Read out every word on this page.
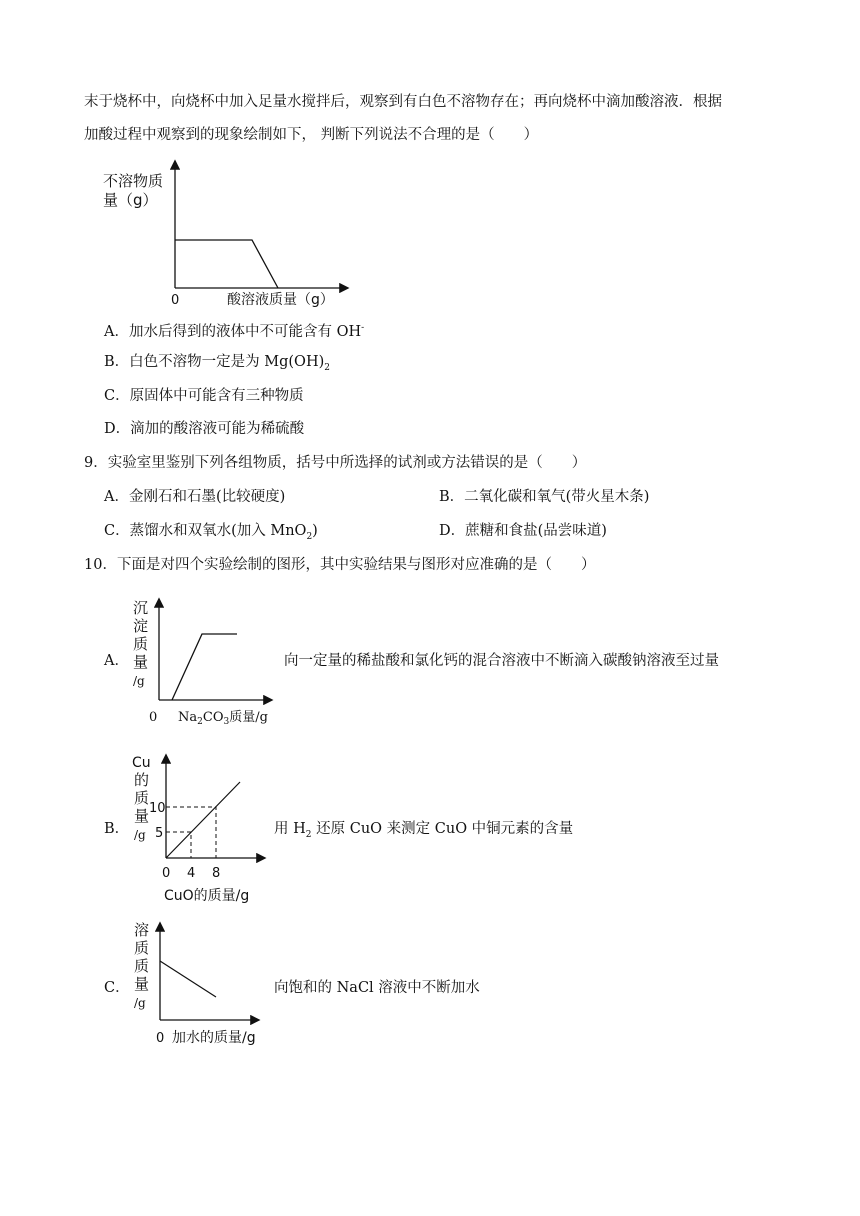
末于烧杯中，向烧杯中加入足量水搅拌后，观察到有白色不溶物存在；再向烧杯中滴加酸溶液．根据
加酸过程中观察到的现象绘制如下， 判断下列说法不合理的是（　　）
不溶物质
量（g）
0	酸溶液质量（g）
A．加水后得到的液体中不可能含有 OH-
B．白色不溶物一定是为 $Mg(OH)_2$
C．原固体中可能含有三种物质
D．滴加的酸溶液可能为稀硫酸
9．实验室里鉴别下列各组物质，括号中所选择的试剂或方法错误的是（　　）
A．金刚石和石墨(比较硬度)	B．二氧化碳和氧气(带火星木条)
C．蒸馏水和双氧水(加入 MnO$_2$)	D．蔗糖和食盐(品尝味道)
10．下面是对四个实验绘制的图形，其中实验结果与图形对应准确的是（　　）
A．
沉
淀
质
量
/g
0 $Na_2CO_3$质量/g
向一定量的稀盐酸和氯化钙的混合溶液中不断滴入碳酸钠溶液至过量
B．
Cu
的
质
量
/g
10
5
0 4 8
CuO的质量/g
用 $H_2$ 还原 CuO 来测定 CuO 中铜元素的含量
C．
溶
质
质
量
/g
0 加水的质量/g
向饱和的 NaCl 溶液中不断加水
